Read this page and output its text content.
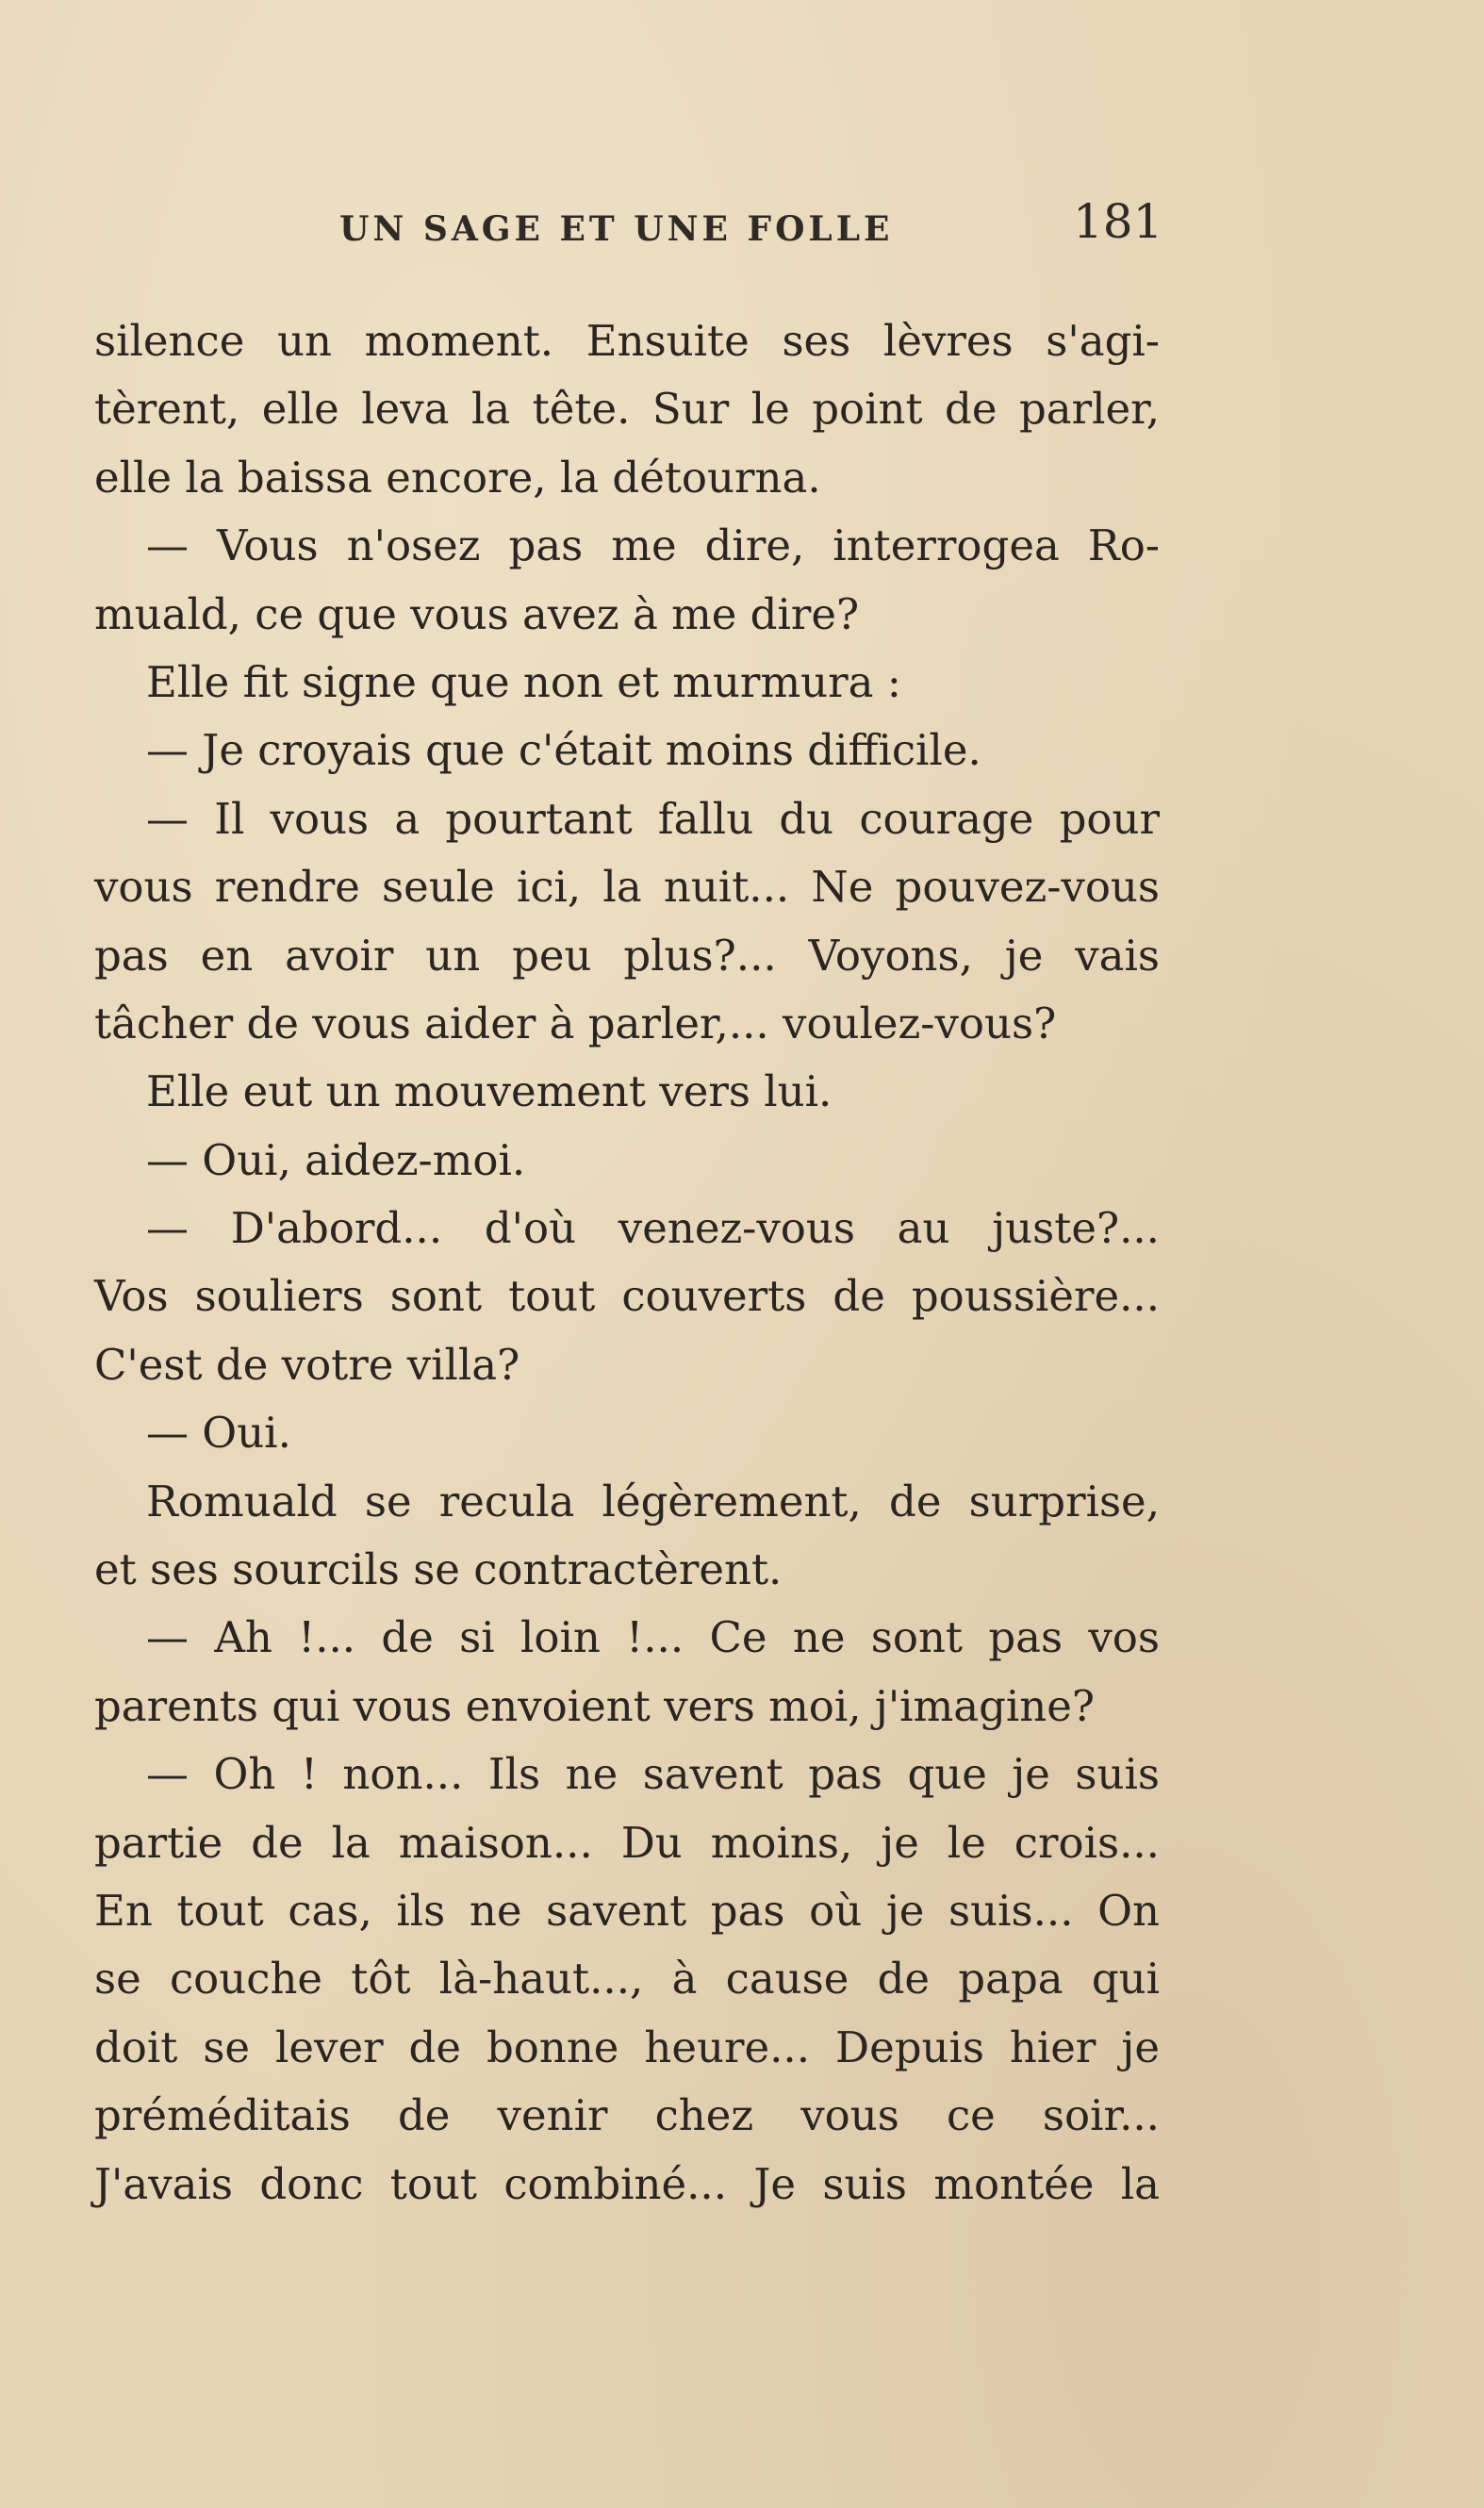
UN SAGE ET UNE FOLLE	181
silence un moment. Ensuite ses lèvres s'agi-
tèrent, elle leva la tête. Sur le point de parler,
elle la baissa encore, la détourna.
— Vous n'osez pas me dire, interrogea Ro-
muald, ce que vous avez à me dire?
Elle fit signe que non et murmura :
— Je croyais que c'était moins difficile.
— Il vous a pourtant fallu du courage pour
vous rendre seule ici, la nuit... Ne pouvez-vous
pas en avoir un peu plus?... Voyons, je vais
tâcher de vous aider à parler,... voulez-vous?
Elle eut un mouvement vers lui.
— Oui, aidez-moi.
— D'abord... d'où venez-vous au juste?...
Vos souliers sont tout couverts de poussière...
C'est de votre villa?
— Oui.
Romuald se recula légèrement, de surprise,
et ses sourcils se contractèrent.
— Ah !... de si loin !... Ce ne sont pas vos
parents qui vous envoient vers moi, j'imagine?
— Oh ! non... Ils ne savent pas que je suis
partie de la maison... Du moins, je le crois...
En tout cas, ils ne savent pas où je suis... On
se couche tôt là-haut..., à cause de papa qui
doit se lever de bonne heure... Depuis hier je
préméditais de venir chez vous ce soir...
J'avais donc tout combiné... Je suis montée la
